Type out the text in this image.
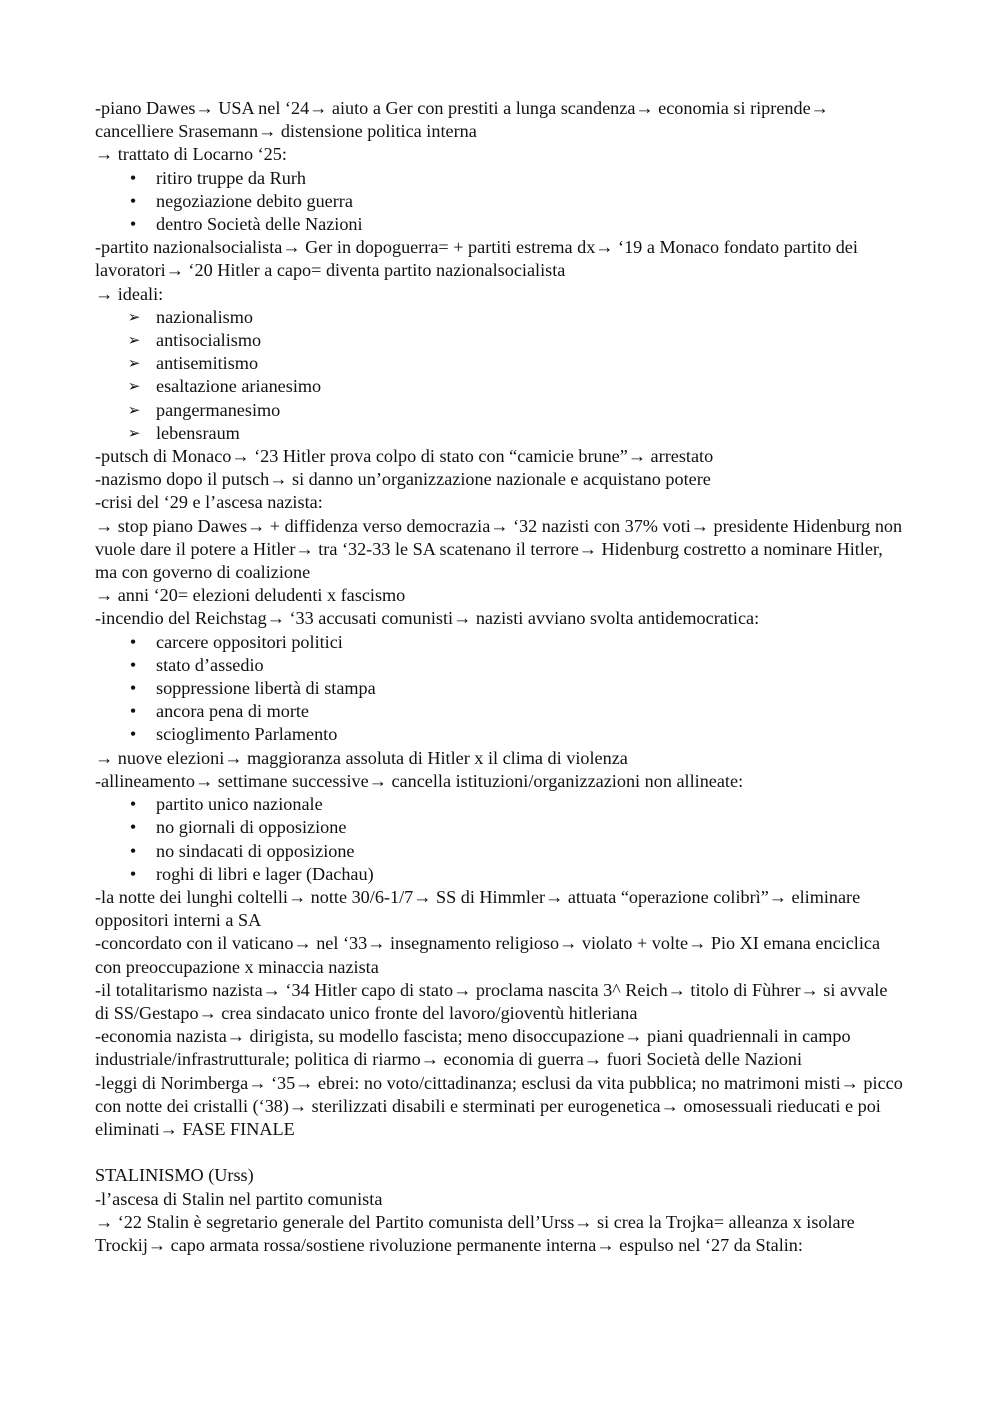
-piano Dawes→ USA nel ‘24→ aiuto a Ger con prestiti a lunga scandenza→ economia si riprende→ cancelliere Srasemann→ distensione politica interna

→ trattato di Locarno ‘25:

• ritiro truppe da Rurh
• negoziazione debito guerra
• dentro Società delle Nazioni

-partito nazionalsocialista→ Ger in dopoguerra= + partiti estrema dx→ ‘19 a Monaco fondato partito dei lavoratori→ ‘20 Hitler a capo= diventa partito nazionalsocialista

→ ideali:

➢ nazionalismo
➢ antisocialismo
➢ antisemitismo
➢ esaltazione arianesimo
➢ pangermanesimo
➢ lebensraum

-putsch di Monaco→ ‘23 Hitler prova colpo di stato con “camicie brune”→ arrestato

-nazismo dopo il putsch→ si danno un’organizzazione nazionale e acquistano potere

-crisi del ‘29 e l’ascesa nazista:

→ stop piano Dawes→ + diffidenza verso democrazia→ ‘32 nazisti con 37% voti→ presidente Hidenburg non vuole dare il potere a Hitler→ tra ‘32-33 le SA scatenano il terrore→ Hidenburg costretto a nominare Hitler, ma con governo di coalizione

→ anni ‘20= elezioni deludenti x fascismo

-incendio del Reichstag→ ‘33 accusati comunisti→ nazisti avviano svolta antidemocratica:

• carcere oppositori politici
• stato d’assedio
• soppressione libertà di stampa
• ancora pena di morte
• scioglimento Parlamento

→ nuove elezioni→ maggioranza assoluta di Hitler x il clima di violenza

-allineamento→ settimane successive→ cancella istituzioni/organizzazioni non allineate:

• partito unico nazionale
• no giornali di opposizione
• no sindacati di opposizione
• roghi di libri e lager (Dachau)

-la notte dei lunghi coltelli→ notte 30/6-1/7→ SS di Himmler→ attuata “operazione colibrì”→ eliminare oppositori interni a SA

-concordato con il vaticano→ nel ‘33→ insegnamento religioso→ violato + volte→ Pio XI emana enciclica con preoccupazione x minaccia nazista

-il totalitarismo nazista→ ‘34 Hitler capo di stato→ proclama nascita 3^ Reich→ titolo di Fùhrer→ si avvale di SS/Gestapo→ crea sindacato unico fronte del lavoro/gioventù hitleriana

-economia nazista→ dirigista, su modello fascista; meno disoccupazione→ piani quadriennali in campo industriale/infrastrutturale; politica di riarmo→ economia di guerra→ fuori Società delle Nazioni

-leggi di Norimberga→ ‘35→ ebrei: no voto/cittadinanza; esclusi da vita pubblica; no matrimoni misti→ picco con notte dei cristalli (‘38)→ sterilizzati disabili e sterminati per eurogenetica→ omosessuali rieducati e poi eliminati→ FASE FINALE

STALINISMO (Urss)

-l’ascesa di Stalin nel partito comunista

→ ‘22 Stalin è segretario generale del Partito comunista dell’Urss→ si crea la Trojka= alleanza x isolare Trockij→ capo armata rossa/sostiene rivoluzione permanente interna→ espulso nel ‘27 da Stalin:
